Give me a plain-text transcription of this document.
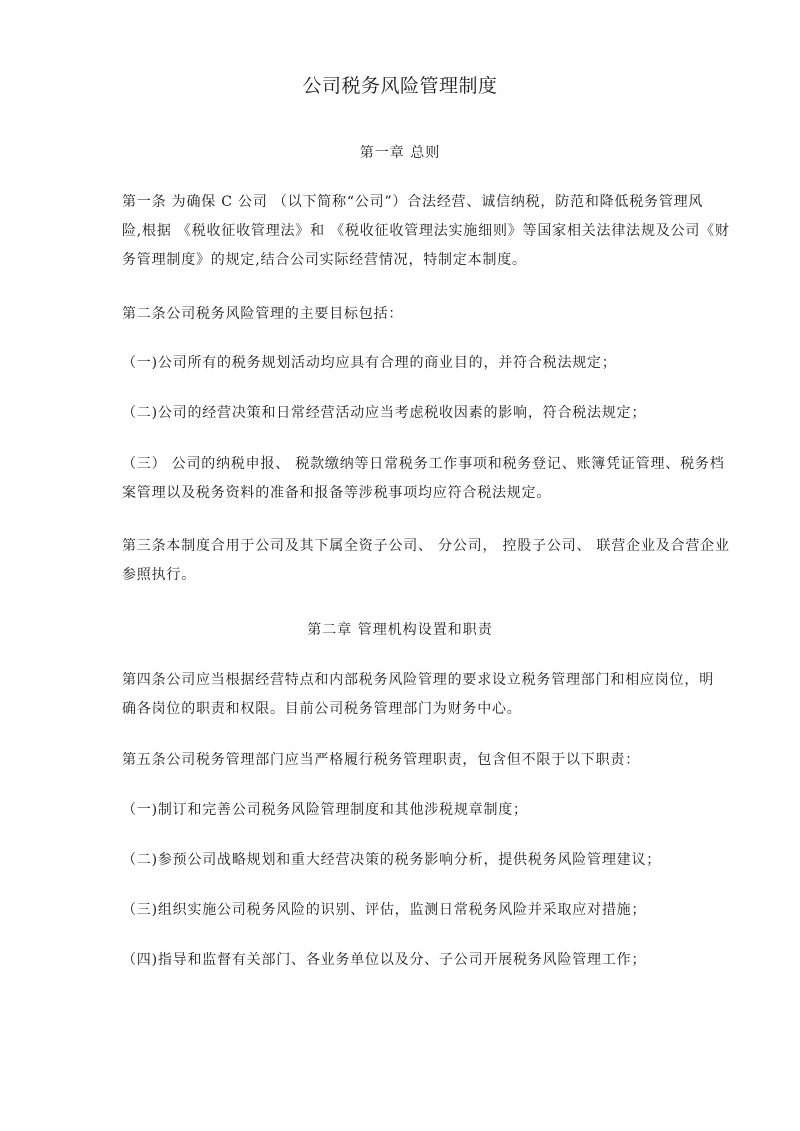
公司税务风险管理制度
第一章 总则

第一条 为确保 C 公司 （以下简称“公司”）合法经营、诚信纳税，防范和降低税务管理风
险,根据 《税收征收管理法》和 《税收征收管理法实施细则》等国家相关法律法规及公司《财
务管理制度》的规定,结合公司实际经营情况，特制定本制度。

第二条公司税务风险管理的主要目标包括：

（一)公司所有的税务规划活动均应具有合理的商业目的，并符合税法规定；

（二)公司的经营决策和日常经营活动应当考虑税收因素的影响，符合税法规定；

（三） 公司的纳税申报、 税款缴纳等日常税务工作事项和税务登记、账簿凭证管理、税务档
案管理以及税务资料的准备和报备等涉税事项均应符合税法规定。

第三条本制度合用于公司及其下属全资子公司、 分公司， 控股子公司、 联营企业及合营企业
参照执行。

第二章 管理机构设置和职责

第四条公司应当根据经营特点和内部税务风险管理的要求设立税务管理部门和相应岗位，明
确各岗位的职责和权限。目前公司税务管理部门为财务中心。

第五条公司税务管理部门应当严格履行税务管理职责，包含但不限于以下职责：

（一)制订和完善公司税务风险管理制度和其他涉税规章制度；

（二)参预公司战略规划和重大经营决策的税务影响分析，提供税务风险管理建议；

（三)组织实施公司税务风险的识别、评估，监测日常税务风险并采取应对措施；

（四)指导和监督有关部门、各业务单位以及分、子公司开展税务风险管理工作；
